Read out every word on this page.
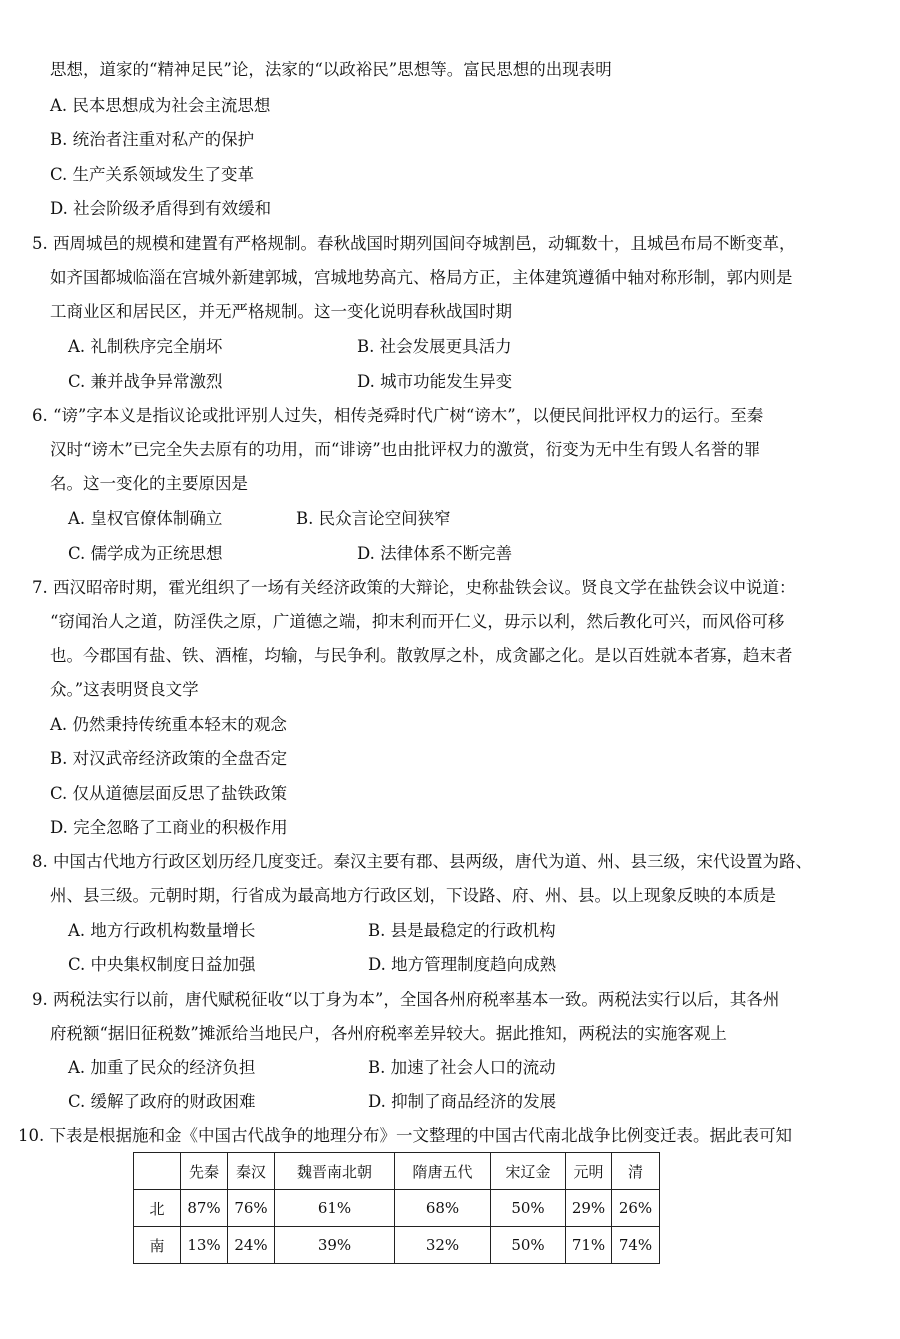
思想，道家的“精神足民”论，法家的“以政裕民”思想等。富民思想的出现表明
A. 民本思想成为社会主流思想
B. 统治者注重对私产的保护
C. 生产关系领域发生了变革
D. 社会阶级矛盾得到有效缓和
5. 西周城邑的规模和建置有严格规制。春秋战国时期列国间夺城割邑，动辄数十，且城邑布局不断变革，
如齐国都城临淄在宫城外新建郭城，宫城地势高亢、格局方正，主体建筑遵循中轴对称形制，郭内则是
工商业区和居民区，并无严格规制。这一变化说明春秋战国时期
A. 礼制秩序完全崩坏	B. 社会发展更具活力
C. 兼并战争异常激烈	D. 城市功能发生异变
6. “谤”字本义是指议论或批评别人过失，相传尧舜时代广树“谤木”，以便民间批评权力的运行。至秦
汉时“谤木”已完全失去原有的功用，而“诽谤”也由批评权力的激赏，衍变为无中生有毁人名誉的罪
名。这一变化的主要原因是
A. 皇权官僚体制确立	B. 民众言论空间狭窄
C. 儒学成为正统思想	D. 法律体系不断完善
7. 西汉昭帝时期，霍光组织了一场有关经济政策的大辩论，史称盐铁会议。贤良文学在盐铁会议中说道：
“窃闻治人之道，防淫佚之原，广道德之端，抑末利而开仁义，毋示以利，然后教化可兴，而风俗可移
也。今郡国有盐、铁、酒榷，均输，与民争利。散敦厚之朴，成贪鄙之化。是以百姓就本者寡，趋末者
众。”这表明贤良文学
A. 仍然秉持传统重本轻末的观念
B. 对汉武帝经济政策的全盘否定
C. 仅从道德层面反思了盐铁政策
D. 完全忽略了工商业的积极作用
8. 中国古代地方行政区划历经几度变迁。秦汉主要有郡、县两级，唐代为道、州、县三级，宋代设置为路、
州、县三级。元朝时期，行省成为最高地方行政区划，下设路、府、州、县。以上现象反映的本质是
A. 地方行政机构数量增长	B. 县是最稳定的行政机构
C. 中央集权制度日益加强	D. 地方管理制度趋向成熟
9. 两税法实行以前，唐代赋税征收“以丁身为本”，全国各州府税率基本一致。两税法实行以后，其各州
府税额“据旧征税数”摊派给当地民户，各州府税率差异较大。据此推知，两税法的实施客观上
A. 加重了民众的经济负担	B. 加速了社会人口的流动
C. 缓解了政府的财政困难	D. 抑制了商品经济的发展
10. 下表是根据施和金《中国古代战争的地理分布》一文整理的中国古代南北战争比例变迁表。据此表可知
	先秦	秦汉	魏晋南北朝	隋唐五代	宋辽金	元明	清
北	87%	76%	61%	68%	50%	29%	26%
南	13%	24%	39%	32%	50%	71%	74%
